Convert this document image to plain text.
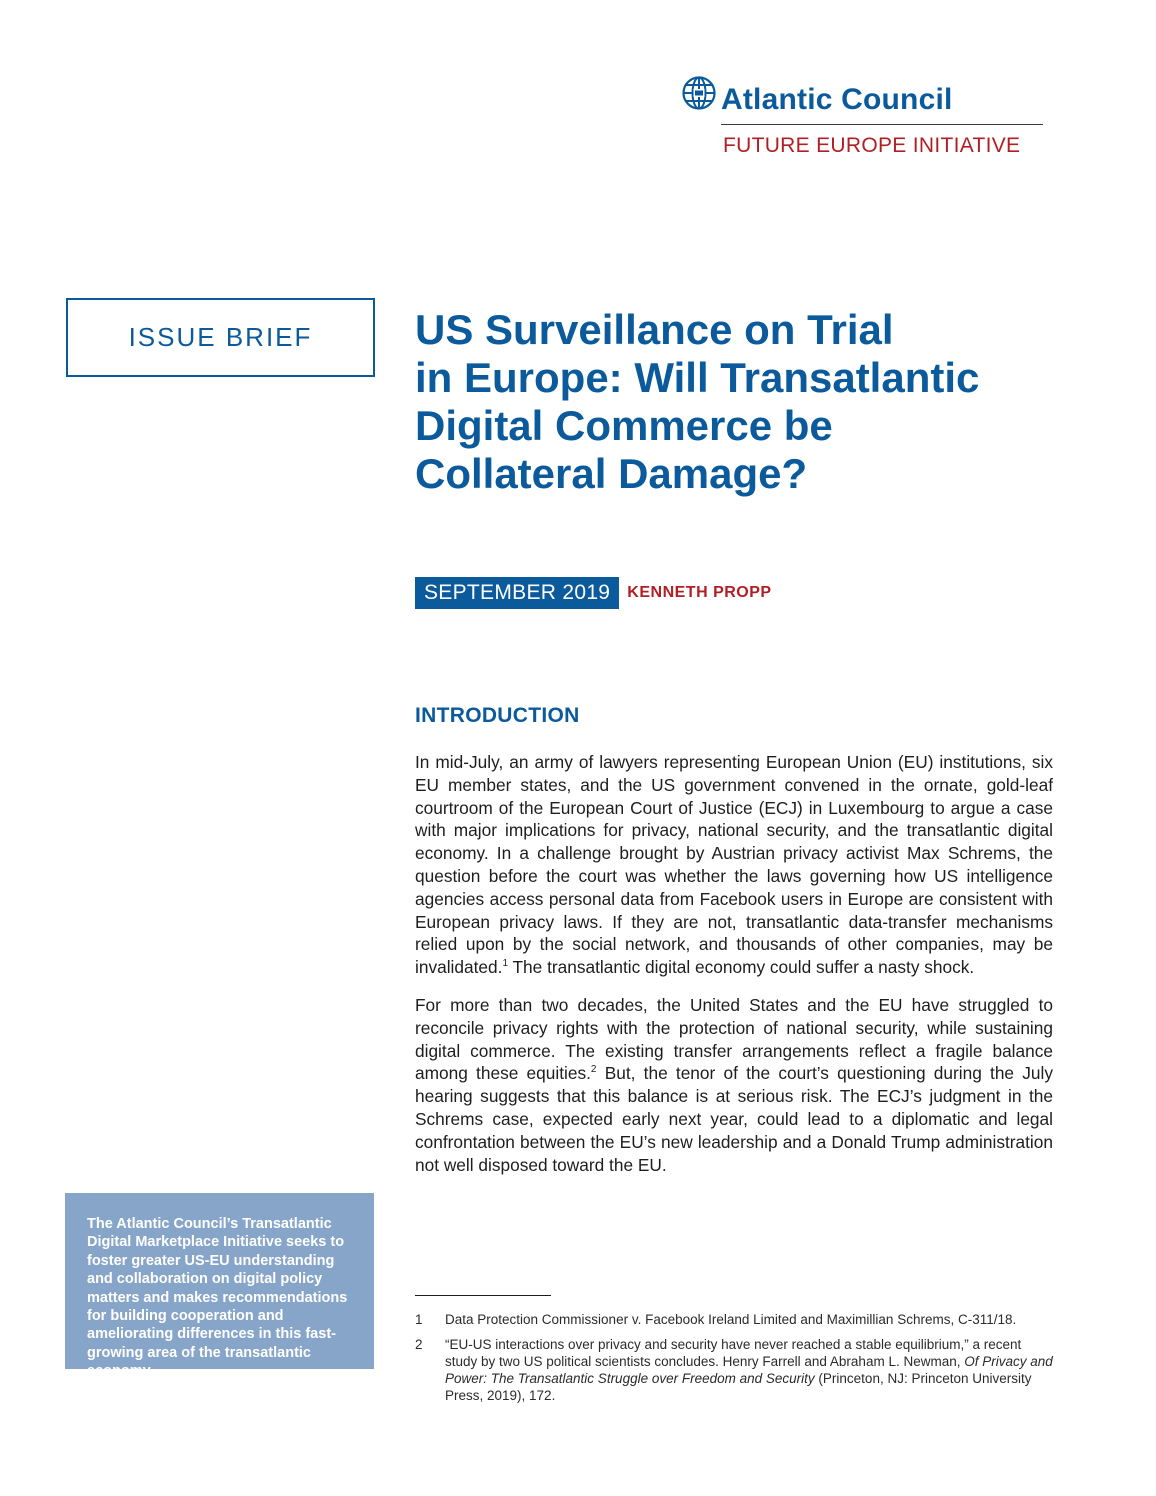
Atlantic Council
FUTURE EUROPE INITIATIVE
ISSUE BRIEF	US Surveillance on Trial
in Europe: Will Transatlantic
Digital Commerce be
Collateral Damage?
SEPTEMBER 2019	KENNETH PROPP
INTRODUCTION

In mid-July, an army of lawyers representing European Union (EU) institutions, six EU member states, and the US government convened in the ornate, gold-leaf courtroom of the European Court of Justice (ECJ) in Luxembourg to argue a case with major implications for privacy, national security, and the transatlantic digital economy. In a challenge brought by Austrian privacy activist Max Schrems, the question before the court was whether the laws governing how US intelligence agencies access personal data from Facebook users in Europe are consistent with European privacy laws. If they are not, transatlantic data-transfer mechanisms relied upon by the social network, and thousands of other companies, may be invalidated.$^1$ The transatlantic digital economy could suffer a nasty shock.

For more than two decades, the United States and the EU have struggled to reconcile privacy rights with the protection of national security, while sustaining digital commerce. The existing transfer arrangements reflect a fragile balance among these equities.$^2$ But, the tenor of the court’s questioning during the July hearing suggests that this balance is at serious risk. The ECJ’s judgment in the Schrems case, expected early next year, could lead to a diplomatic and legal confrontation between the EU’s new leadership and a Donald Trump administration not well disposed toward the EU.

1	Data Protection Commissioner v. Facebook Ireland Limited and Maximillian Schrems, C-311/18.
2	“EU-US interactions over privacy and security have never reached a stable equilibrium,” a recent study by two US political scientists concludes. Henry Farrell and Abraham L. Newman, Of Privacy and Power: The Transatlantic Struggle over Freedom and Security (Princeton, NJ: Princeton University Press, 2019), 172.
The Atlantic Council’s Transatlantic Digital Marketplace Initiative seeks to foster greater US-EU understanding and collaboration on digital policy matters and makes recommendations for building cooperation and ameliorating differences in this fast-growing area of the transatlantic economy.
